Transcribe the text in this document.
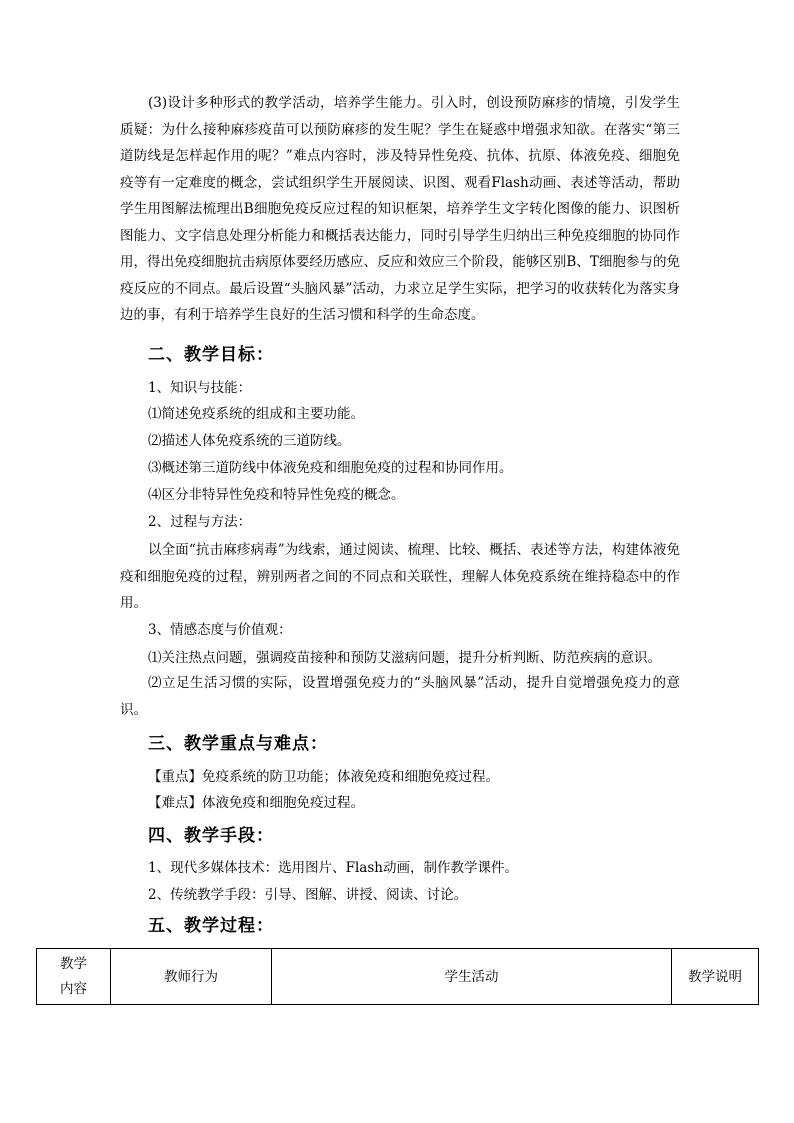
(3)设计多种形式的教学活动，培养学生能力。引入时，创设预防麻疹的情境，引发学生质疑：为什么接种麻疹疫苗可以预防麻疹的发生呢？学生在疑惑中增强求知欲。在落实“第三道防线是怎样起作用的呢？”难点内容时，涉及特异性免疫、抗体、抗原、体液免疫、细胞免疫等有一定难度的概念，尝试组织学生开展阅读、识图、观看Flash动画、表述等活动，帮助学生用图解法梳理出B细胞免疫反应过程的知识框架，培养学生文字转化图像的能力、识图析图能力、文字信息处理分析能力和概括表达能力，同时引导学生归纳出三种免疫细胞的协同作用，得出免疫细胞抗击病原体要经历感应、反应和效应三个阶段，能够区别B、T细胞参与的免疫反应的不同点。最后设置“头脑风暴”活动，力求立足学生实际，把学习的收获转化为落实身边的事，有利于培养学生良好的生活习惯和科学的生命态度。

二、教学目标：

1、知识与技能：

⑴简述免疫系统的组成和主要功能。

⑵描述人体免疫系统的三道防线。

⑶概述第三道防线中体液免疫和细胞免疫的过程和协同作用。

⑷区分非特异性免疫和特异性免疫的概念。

2、过程与方法：

以全面“抗击麻疹病毒”为线索，通过阅读、梳理、比较、概括、表述等方法，构建体液免疫和细胞免疫的过程，辨别两者之间的不同点和关联性，理解人体免疫系统在维持稳态中的作用。

3、情感态度与价值观：

⑴关注热点问题，强调疫苗接种和预防艾滋病问题，提升分析判断、防范疾病的意识。

⑵立足生活习惯的实际，设置增强免疫力的“头脑风暴”活动，提升自觉增强免疫力的意识。

三、教学重点与难点：

【重点】免疫系统的防卫功能；体液免疫和细胞免疫过程。

【难点】体液免疫和细胞免疫过程。

四、教学手段：

1、现代多媒体技术：选用图片、Flash动画，制作教学课件。

2、传统教学手段：引导、图解、讲授、阅读、讨论。

五、教学过程：
教学内容	教师行为	学生活动	教学说明
